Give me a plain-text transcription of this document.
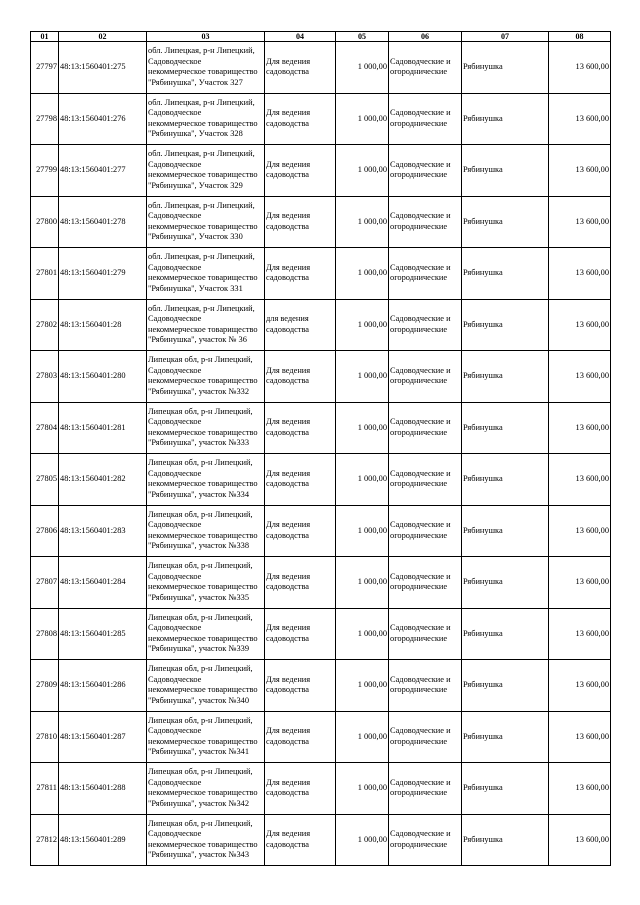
01	02	03	04	05	06	07	08
27797	48:13:1560401:275	обл. Липецкая, р-н Липецкий,
Садоводческое
некоммерческое товарищество
"Рябинушка", Участок 327	Для ведения
садоводства	1 000,00	Садоводческие и
огороднические	Рябинушка	13 600,00
27798	48:13:1560401:276	обл. Липецкая, р-н Липецкий,
Садоводческое
некоммерческое товарищество
"Рябинушка", Участок 328	Для ведения
садоводства	1 000,00	Садоводческие и
огороднические	Рябинушка	13 600,00
27799	48:13:1560401:277	обл. Липецкая, р-н Липецкий,
Садоводческое
некоммерческое товарищество
"Рябинушка", Участок 329	Для ведения
садоводства	1 000,00	Садоводческие и
огороднические	Рябинушка	13 600,00
27800	48:13:1560401:278	обл. Липецкая, р-н Липецкий,
Садоводческое
некоммерческое товарищество
"Рябинушка", Участок 330	Для ведения
садоводства	1 000,00	Садоводческие и
огороднические	Рябинушка	13 600,00
27801	48:13:1560401:279	обл. Липецкая, р-н Липецкий,
Садоводческое
некоммерческое товарищество
"Рябинушка", Участок 331	Для ведения
садоводства	1 000,00	Садоводческие и
огороднические	Рябинушка	13 600,00
27802	48:13:1560401:28	обл. Липецкая, р-н Липецкий,
Садоводческое
некоммерческое товарищество
"Рябинушка", участок № 36	для ведения
садоводства	1 000,00	Садоводческие и
огороднические	Рябинушка	13 600,00
27803	48:13:1560401:280	Липецкая обл, р-н Липецкий,
Садоводческое
некоммерческое товарищество
"Рябинушка", участок №332	Для ведения
садоводства	1 000,00	Садоводческие и
огороднические	Рябинушка	13 600,00
27804	48:13:1560401:281	Липецкая обл, р-н Липецкий,
Садоводческое
некоммерческое товарищество
"Рябинушка", участок №333	Для ведения
садоводства	1 000,00	Садоводческие и
огороднические	Рябинушка	13 600,00
27805	48:13:1560401:282	Липецкая обл, р-н Липецкий,
Садоводческое
некоммерческое товарищество
"Рябинушка", участок №334	Для ведения
садоводства	1 000,00	Садоводческие и
огороднические	Рябинушка	13 600,00
27806	48:13:1560401:283	Липецкая обл, р-н Липецкий,
Садоводческое
некоммерческое товарищество
"Рябинушка", участок №338	Для ведения
садоводства	1 000,00	Садоводческие и
огороднические	Рябинушка	13 600,00
27807	48:13:1560401:284	Липецкая обл, р-н Липецкий,
Садоводческое
некоммерческое товарищество
"Рябинушка", участок №335	Для ведения
садоводства	1 000,00	Садоводческие и
огороднические	Рябинушка	13 600,00
27808	48:13:1560401:285	Липецкая обл, р-н Липецкий,
Садоводческое
некоммерческое товарищество
"Рябинушка", участок №339	Для ведения
садоводства	1 000,00	Садоводческие и
огороднические	Рябинушка	13 600,00
27809	48:13:1560401:286	Липецкая обл, р-н Липецкий,
Садоводческое
некоммерческое товарищество
"Рябинушка", участок №340	Для ведения
садоводства	1 000,00	Садоводческие и
огороднические	Рябинушка	13 600,00
27810	48:13:1560401:287	Липецкая обл, р-н Липецкий,
Садоводческое
некоммерческое товарищество
"Рябинушка", участок №341	Для ведения
садоводства	1 000,00	Садоводческие и
огороднические	Рябинушка	13 600,00
27811	48:13:1560401:288	Липецкая обл, р-н Липецкий,
Садоводческое
некоммерческое товарищество
"Рябинушка", участок №342	Для ведения
садоводства	1 000,00	Садоводческие и
огороднические	Рябинушка	13 600,00
27812	48:13:1560401:289	Липецкая обл, р-н Липецкий,
Садоводческое
некоммерческое товарищество
"Рябинушка", участок №343	Для ведения
садоводства	1 000,00	Садоводческие и
огороднические	Рябинушка	13 600,00
